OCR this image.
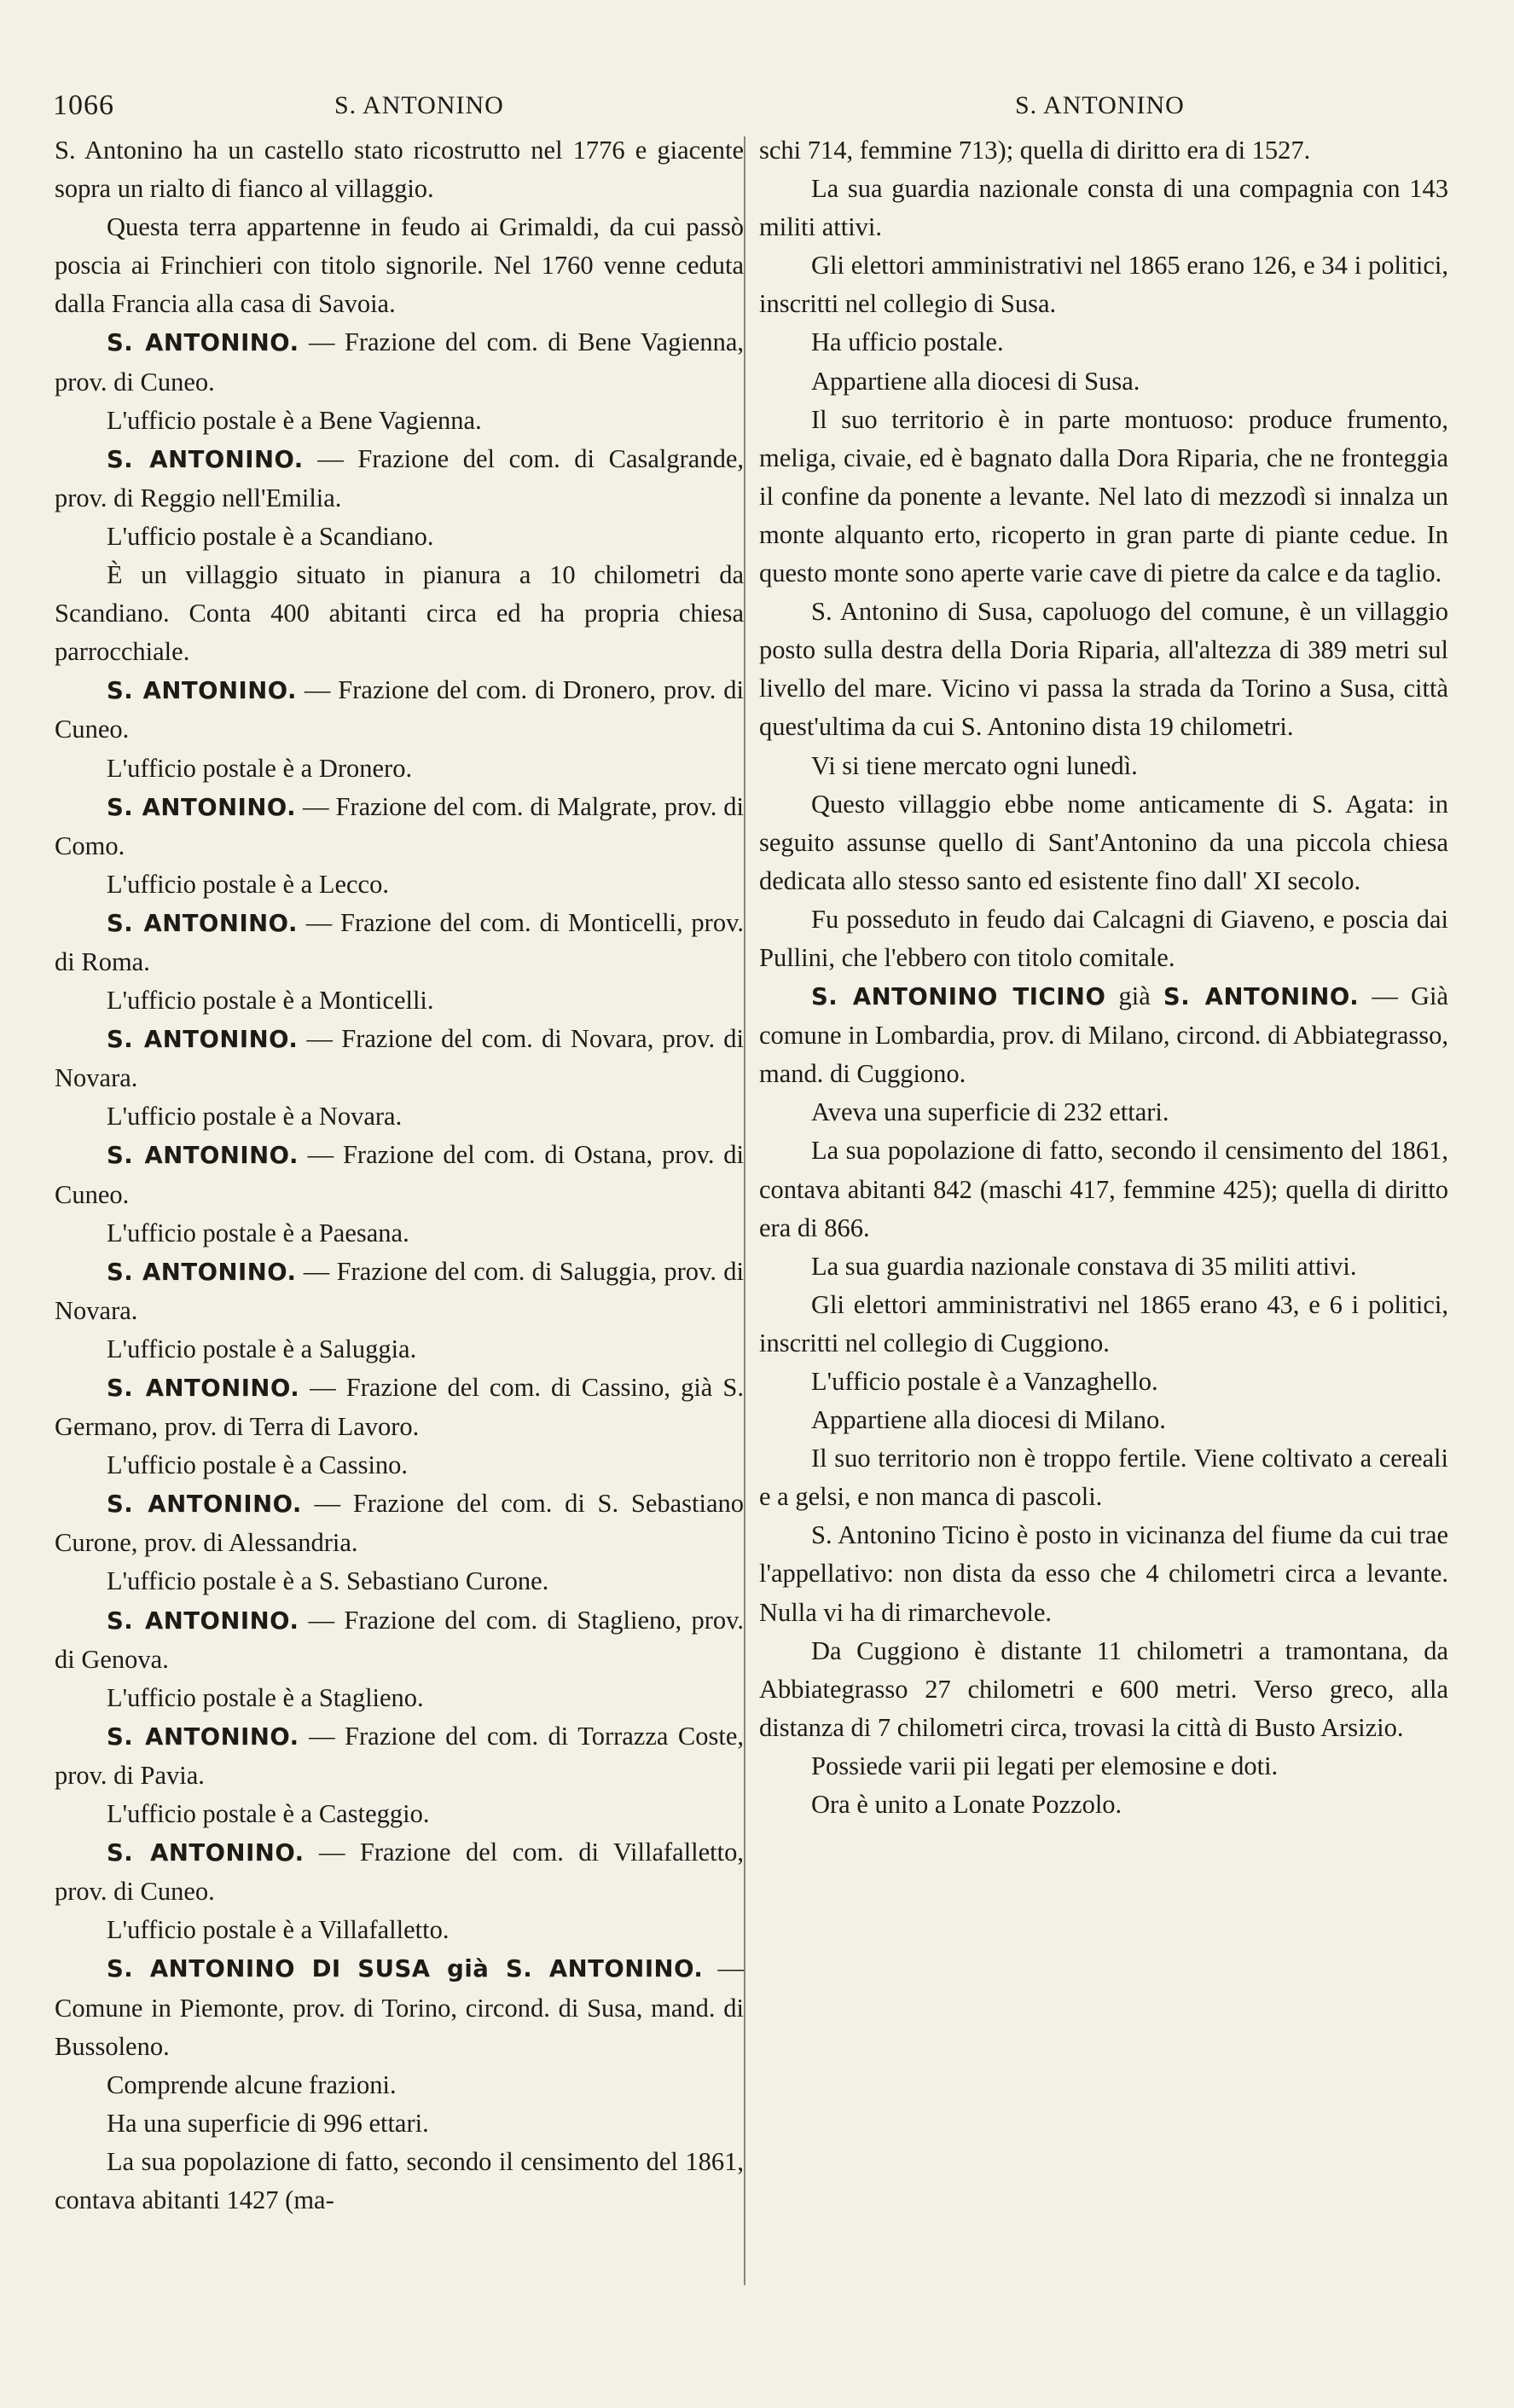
1066	S. ANTONINO	S. ANTONINO

S. Antonino ha un castello stato ricostrutto nel 1776 e giacente sopra un rialto di fianco al villaggio.

Questa terra appartenne in feudo ai Grimaldi, da cui passò poscia ai Frinchieri con titolo signorile. Nel 1760 venne ceduta dalla Francia alla casa di Savoia.

S. ANTONINO. — Frazione del com. di Bene Vagienna, prov. di Cuneo.

L'ufficio postale è a Bene Vagienna.

S. ANTONINO. — Frazione del com. di Casalgrande, prov. di Reggio nell'Emilia.

L'ufficio postale è a Scandiano.

È un villaggio situato in pianura a 10 chilometri da Scandiano. Conta 400 abitanti circa ed ha propria chiesa parrocchiale.

S. ANTONINO. — Frazione del com. di Dronero, prov. di Cuneo.

L'ufficio postale è a Dronero.

S. ANTONINO. — Frazione del com. di Malgrate, prov. di Como.

L'ufficio postale è a Lecco.

S. ANTONINO. — Frazione del com. di Monticelli, prov. di Roma.

L'ufficio postale è a Monticelli.

S. ANTONINO. — Frazione del com. di Novara, prov. di Novara.

L'ufficio postale è a Novara.

S. ANTONINO. — Frazione del com. di Ostana, prov. di Cuneo.

L'ufficio postale è a Paesana.

S. ANTONINO. — Frazione del com. di Saluggia, prov. di Novara.

L'ufficio postale è a Saluggia.

S. ANTONINO. — Frazione del com. di Cassino, già S. Germano, prov. di Terra di Lavoro.

L'ufficio postale è a Cassino.

S. ANTONINO. — Frazione del com. di S. Sebastiano Curone, prov. di Alessandria.

L'ufficio postale è a S. Sebastiano Curone.

S. ANTONINO. — Frazione del com. di Staglieno, prov. di Genova.

L'ufficio postale è a Staglieno.

S. ANTONINO. — Frazione del com. di Torrazza Coste, prov. di Pavia.

L'ufficio postale è a Casteggio.

S. ANTONINO. — Frazione del com. di Villafalletto, prov. di Cuneo.

L'ufficio postale è a Villafalletto.

S. ANTONINO DI SUSA già S. ANTONINO. — Comune in Piemonte, prov. di Torino, circond. di Susa, mand. di Bussoleno.

Comprende alcune frazioni.

Ha una superficie di 996 ettari.

La sua popolazione di fatto, secondo il censimento del 1861, contava abitanti 1427 (ma-

schi 714, femmine 713); quella di diritto era di 1527.

La sua guardia nazionale consta di una compagnia con 143 militi attivi.

Gli elettori amministrativi nel 1865 erano 126, e 34 i politici, inscritti nel collegio di Susa.

Ha ufficio postale.

Appartiene alla diocesi di Susa.

Il suo territorio è in parte montuoso: produce frumento, meliga, civaie, ed è bagnato dalla Dora Riparia, che ne fronteggia il confine da ponente a levante. Nel lato di mezzodì si innalza un monte alquanto erto, ricoperto in gran parte di piante cedue. In questo monte sono aperte varie cave di pietre da calce e da taglio.

S. Antonino di Susa, capoluogo del comune, è un villaggio posto sulla destra della Doria Riparia, all'altezza di 389 metri sul livello del mare. Vicino vi passa la strada da Torino a Susa, città quest'ultima da cui S. Antonino dista 19 chilometri.

Vi si tiene mercato ogni lunedì.

Questo villaggio ebbe nome anticamente di S. Agata: in seguito assunse quello di Sant'Antonino da una piccola chiesa dedicata allo stesso santo ed esistente fino dall' XI secolo.

Fu posseduto in feudo dai Calcagni di Giaveno, e poscia dai Pullini, che l'ebbero con titolo comitale.

S. ANTONINO TICINO già S. ANTONINO. — Già comune in Lombardia, prov. di Milano, circond. di Abbiategrasso, mand. di Cuggiono.

Aveva una superficie di 232 ettari.

La sua popolazione di fatto, secondo il censimento del 1861, contava abitanti 842 (maschi 417, femmine 425); quella di diritto era di 866.

La sua guardia nazionale constava di 35 militi attivi.

Gli elettori amministrativi nel 1865 erano 43, e 6 i politici, inscritti nel collegio di Cuggiono.

L'ufficio postale è a Vanzaghello.

Appartiene alla diocesi di Milano.

Il suo territorio non è troppo fertile. Viene coltivato a cereali e a gelsi, e non manca di pascoli.

S. Antonino Ticino è posto in vicinanza del fiume da cui trae l'appellativo: non dista da esso che 4 chilometri circa a levante. Nulla vi ha di rimarchevole.

Da Cuggiono è distante 11 chilometri a tramontana, da Abbiategrasso 27 chilometri e 600 metri. Verso greco, alla distanza di 7 chilometri circa, trovasi la città di Busto Arsizio.

Possiede varii pii legati per elemosine e doti.

Ora è unito a Lonate Pozzolo.
